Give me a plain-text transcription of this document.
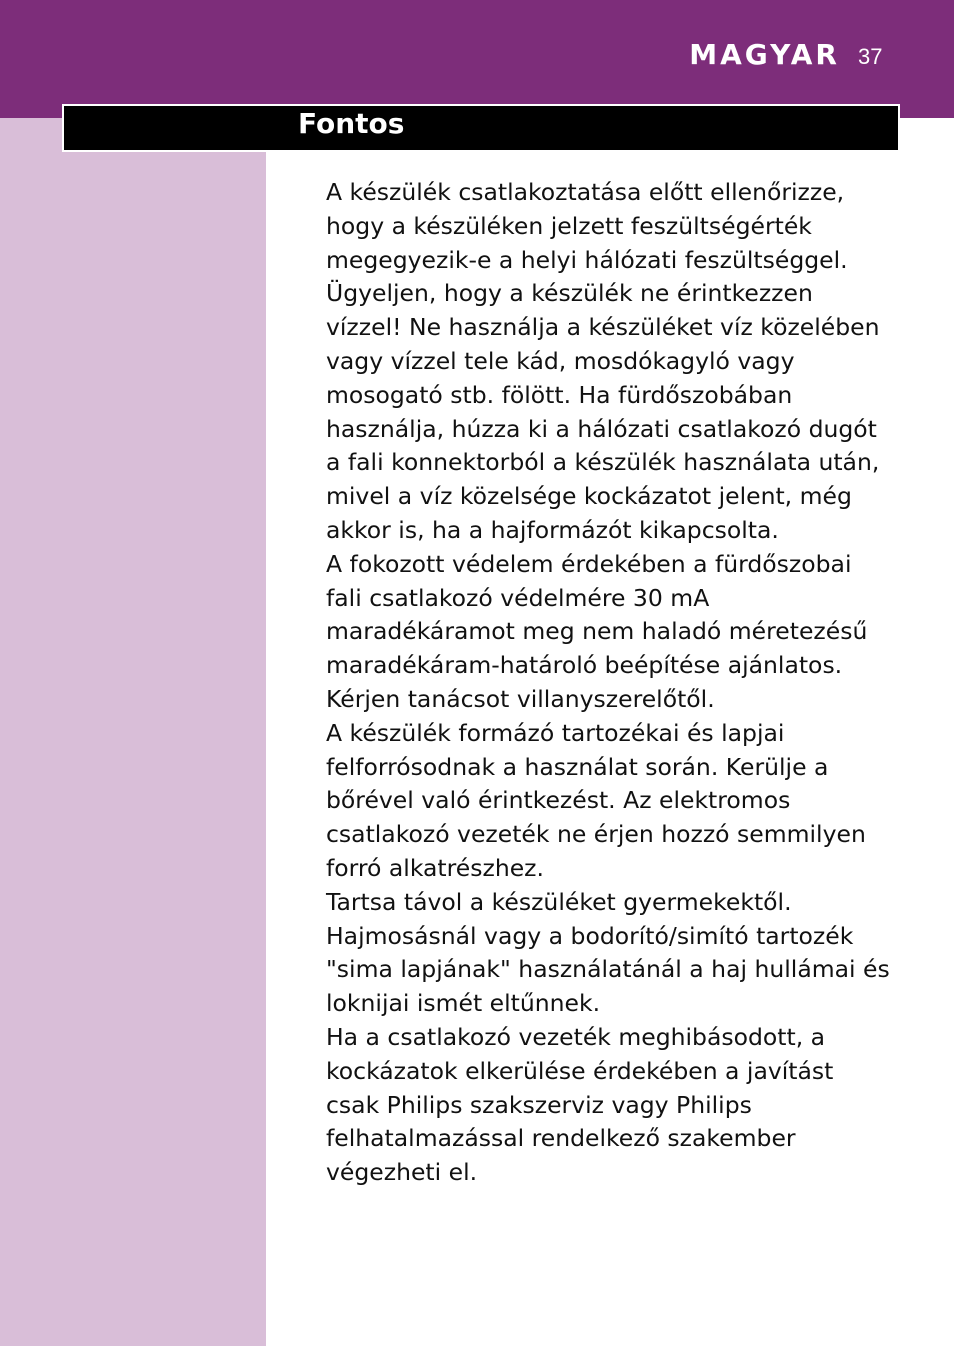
MAGYAR 37
Fontos

A készülék csatlakoztatása előtt ellenőrizze,
hogy a készüléken jelzett feszültségérték
megegyezik-e a helyi hálózati feszültséggel.

Ügyeljen, hogy a készülék ne érintkezzen
vízzel! Ne használja a készüléket víz közelében
vagy vízzel tele kád, mosdókagyló vagy
mosogató stb. fölött. Ha fürdőszobában
használja, húzza ki a hálózati csatlakozó dugót
a fali konnektorból a készülék használata után,
mivel a víz közelsége kockázatot jelent, még
akkor is, ha a hajformázót kikapcsolta.

A fokozott védelem érdekében a fürdőszobai
fali csatlakozó védelmére 30 mA
maradékáramot meg nem haladó méretezésű
maradékáram-határoló beépítése ajánlatos.
Kérjen tanácsot villanyszerelőtől.

A készülék formázó tartozékai és lapjai
felforrósodnak a használat során. Kerülje a
bőrével való érintkezést. Az elektromos
csatlakozó vezeték ne érjen hozzó semmilyen
forró alkatrészhez.

Tartsa távol a készüléket gyermekektől.

Hajmosásnál vagy a bodorító/simító tartozék
"sima lapjának" használatánál a haj hullámai és
loknijai ismét eltűnnek.

Ha a csatlakozó vezeték meghibásodott, a
kockázatok elkerülése érdekében a javítást
csak Philips szakszerviz vagy Philips
felhatalmazással rendelkező szakember
végezheti el.
